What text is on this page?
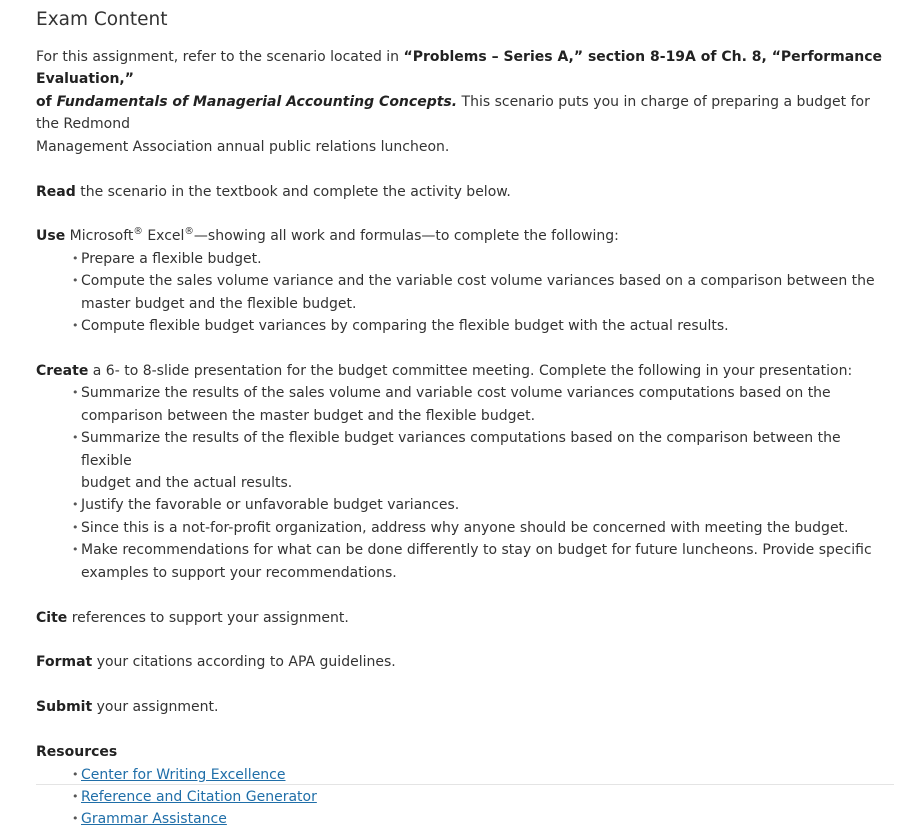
Exam Content

For this assignment, refer to the scenario located in “Problems – Series A,” section 8-19A of Ch. 8, “Performance Evaluation,”
of Fundamentals of Managerial Accounting Concepts. This scenario puts you in charge of preparing a budget for the Redmond
Management Association annual public relations luncheon.

Read the scenario in the textbook and complete the activity below.

Use Microsoft® Excel®—showing all work and formulas—to complete the following:

• Prepare a flexible budget.
• Compute the sales volume variance and the variable cost volume variances based on a comparison between the
master budget and the flexible budget.
• Compute flexible budget variances by comparing the flexible budget with the actual results.

Create a 6- to 8-slide presentation for the budget committee meeting. Complete the following in your presentation:

• Summarize the results of the sales volume and variable cost volume variances computations based on the
comparison between the master budget and the flexible budget.
• Summarize the results of the flexible budget variances computations based on the comparison between the flexible
budget and the actual results.
• Justify the favorable or unfavorable budget variances.
• Since this is a not-for-profit organization, address why anyone should be concerned with meeting the budget.
• Make recommendations for what can be done differently to stay on budget for future luncheons. Provide specific
examples to support your recommendations.

Cite references to support your assignment.

Format your citations according to APA guidelines.

Submit your assignment.

Resources

• Center for Writing Excellence
• Reference and Citation Generator
• Grammar Assistance
